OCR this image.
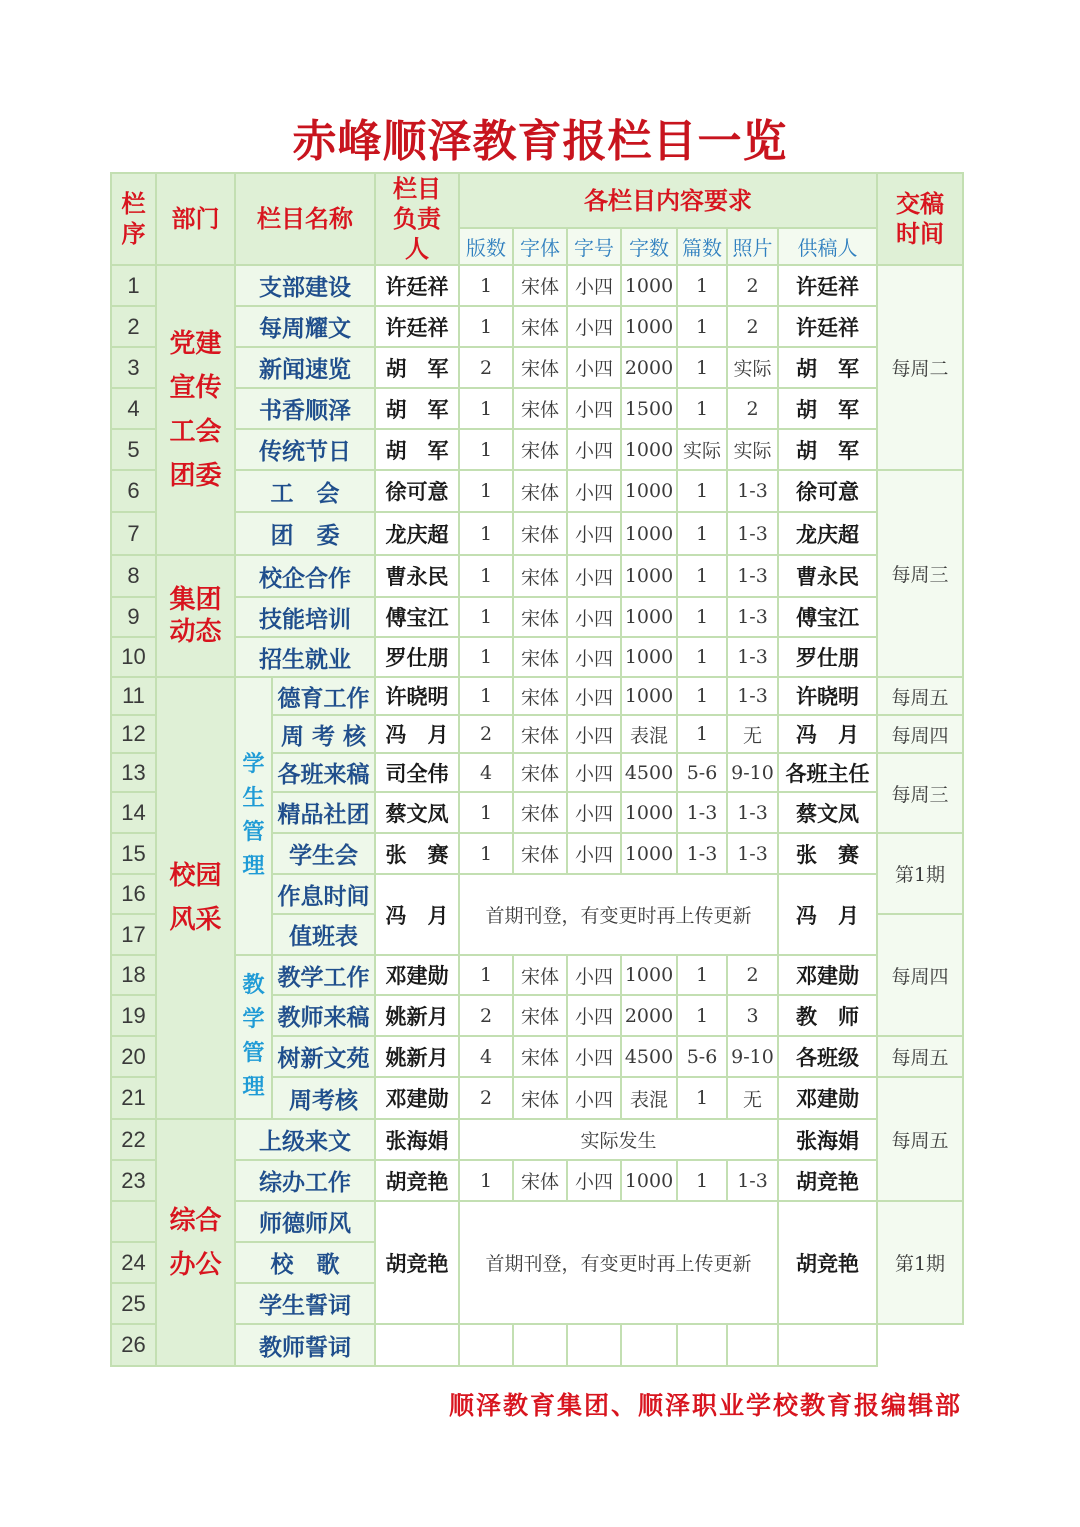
赤峰顺泽教育报栏目一览
栏序	部门	栏目名称		栏目负责人	各栏目内容要求							交稿时间
					版数	字体	字号	字数	篇数	照片	供稿人	
1	党建宣传工会团委	支部建设		许廷祥	1	宋体	小四	1000	1	2	许廷祥	每周二
2		每周耀文		许廷祥	1	宋体	小四	1000	1	2	许廷祥	
3		新闻速览		胡　军	2	宋体	小四	2000	1	实际	胡　军	
4		书香顺泽		胡　军	1	宋体	小四	1500	1	2	胡　军	
5		传统节日		胡　军	1	宋体	小四	1000	实际	实际	胡　军	
6		工　会		徐可意	1	宋体	小四	1000	1	1-3	徐可意	每周三
7		团　委		龙庆超	1	宋体	小四	1000	1	1-3	龙庆超	
8	集团动态	校企合作		曹永民	1	宋体	小四	1000	1	1-3	曹永民	
9		技能培训		傅宝江	1	宋体	小四	1000	1	1-3	傅宝江	
10		招生就业		罗仕朋	1	宋体	小四	1000	1	1-3	罗仕朋	
11	校园风采	学生管理	德育工作	许晓明	1	宋体	小四	1000	1	1-3	许晓明	每周五
12			周 考 核	冯　月	2	宋体	小四	表混	1	无	冯　月	每周四
13			各班来稿	司全伟	4	宋体	小四	4500	5-6	9-10	各班主任	每周三
14			精品社团	蔡文凤	1	宋体	小四	1000	1-3	1-3	蔡文凤	
15			学生会	张　赛	1	宋体	小四	1000	1-3	1-3	张　赛	第1期
16			作息时间	冯　月	首期刊登，有变更时再上传更新						冯　月	
17			值班表									每周四
18		教学管理	教学工作	邓建勋	1	宋体	小四	1000	1	2	邓建勋	
19			教师来稿	姚新月	2	宋体	小四	2000	1	3	教　师	
20			树新文苑	姚新月	4	宋体	小四	4500	5-6	9-10	各班级	每周五
21			周考核	邓建勋	2	宋体	小四	表混	1	无	邓建勋	每周五
22	综合办公	上级来文		张海娟	实际发生						张海娟	
23		综办工作		胡竞艳	1	宋体	小四	1000	1	1-3	胡竞艳	
		师德师风		胡竞艳	首期刊登，有变更时再上传更新						胡竞艳	第1期
24		校　歌										
25		学生誓词										
26		教师誓词										
顺泽教育集团、顺泽职业学校教育报编辑部
